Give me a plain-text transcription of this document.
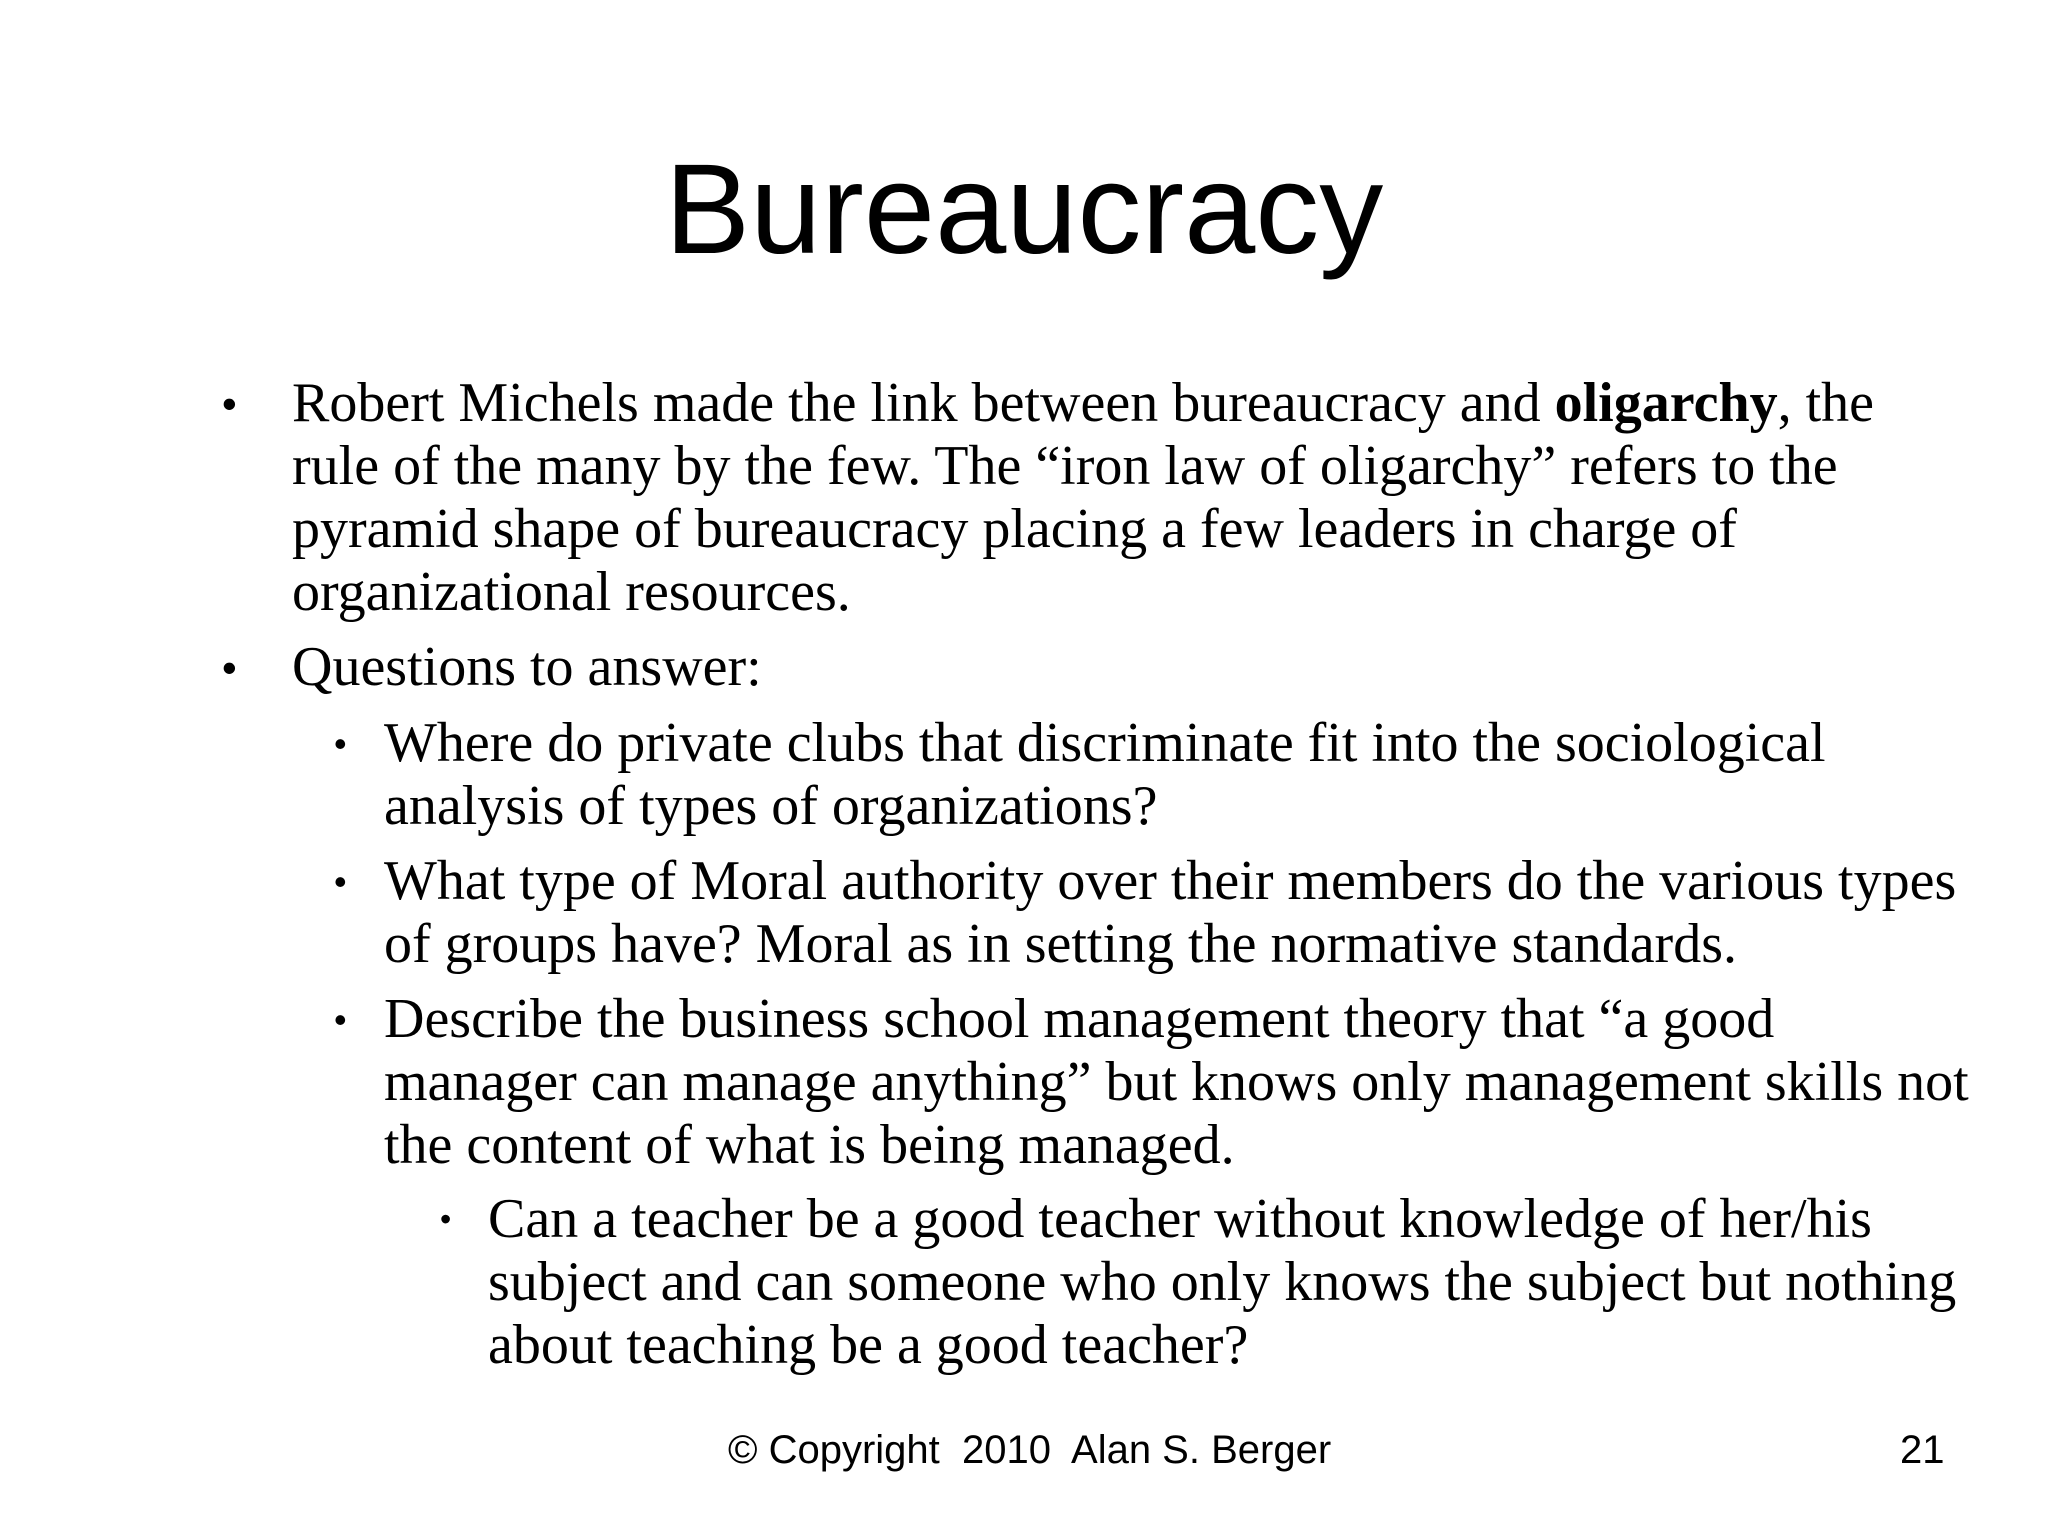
Bureaucracy
• Robert Michels made the link between bureaucracy and oligarchy, the rule of the many by the few. The “iron law of oligarchy” refers to the pyramid shape of bureaucracy placing a few leaders in charge of organizational resources.
• Questions to answer:
• Where do private clubs that discriminate fit into the sociological analysis of types of organizations?
• What type of Moral authority over their members do the various types of groups have? Moral as in setting the normative standards.
• Describe the business school management theory that “a good manager can manage anything” but knows only management skills not the content of what is being managed.
• Can a teacher be a good teacher without knowledge of her/his subject and can someone who only knows the subject but nothing about teaching be a good teacher?

© Copyright  2010  Alan S. Berger	21
